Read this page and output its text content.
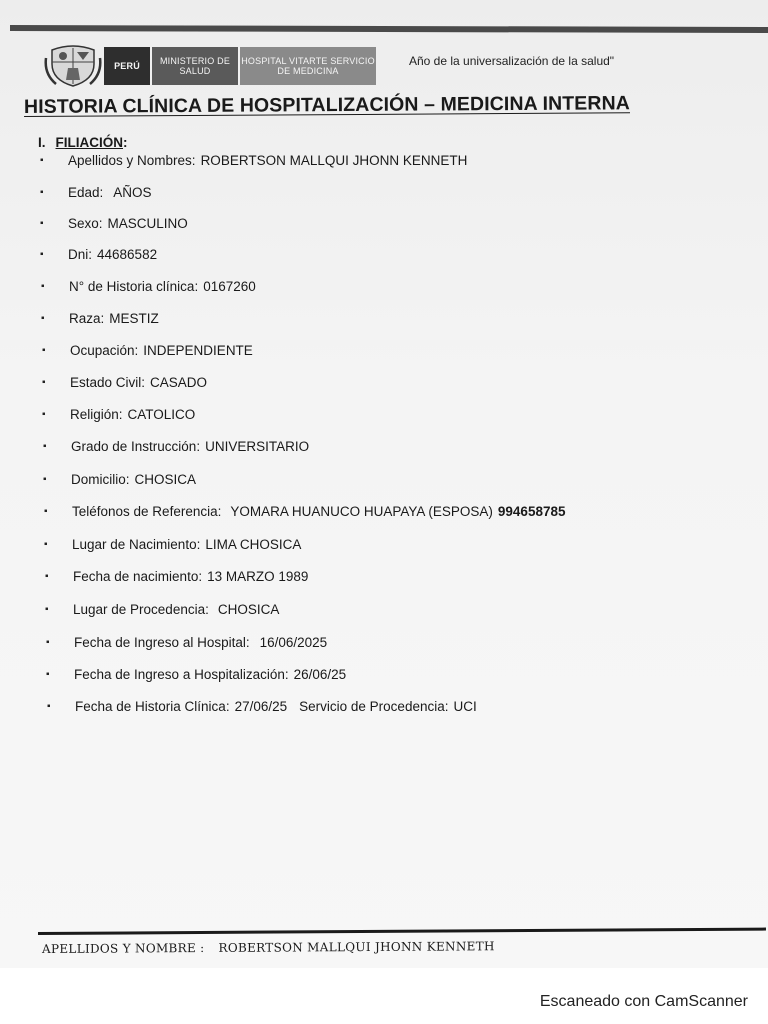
PERÚ	MINISTERIO DE SALUD
HOSPITAL VITARTE SERVICIO DE MEDICINA
Año de la universalización de la salud"
HISTORIA CLÍNICA DE HOSPITALIZACIÓN – MEDICINA INTERNA
I. FILIACIÓN:
▪	Apellidos y Nombres: ROBERTSON MALLQUI JHONN KENNETH
▪	Edad: AÑOS
▪	Sexo: MASCULINO
▪	Dni: 44686582
▪	N° de Historia clínica: 0167260
▪	Raza: MESTIZ
▪	Ocupación: INDEPENDIENTE
▪	Estado Civil: CASADO
▪	Religión: CATOLICO
▪	Grado de Instrucción: UNIVERSITARIO
▪	Domicilio: CHOSICA
▪	Teléfonos de Referencia: YOMARA HUANUCO HUAPAYA (ESPOSA) 994658785
▪	Lugar de Nacimiento: LIMA CHOSICA
▪	Fecha de nacimiento: 13 MARZO 1989
▪	Lugar de Procedencia: CHOSICA
▪	Fecha de Ingreso al Hospital: 16/06/2025
▪	Fecha de Ingreso a Hospitalización: 26/06/25
▪	Fecha de Historia Clínica: 27/06/25 Servicio de Procedencia: UCI
APELLIDOS Y NOMBRE : ROBERTSON MALLQUI JHONN KENNETH
Escaneado con CamScanner
